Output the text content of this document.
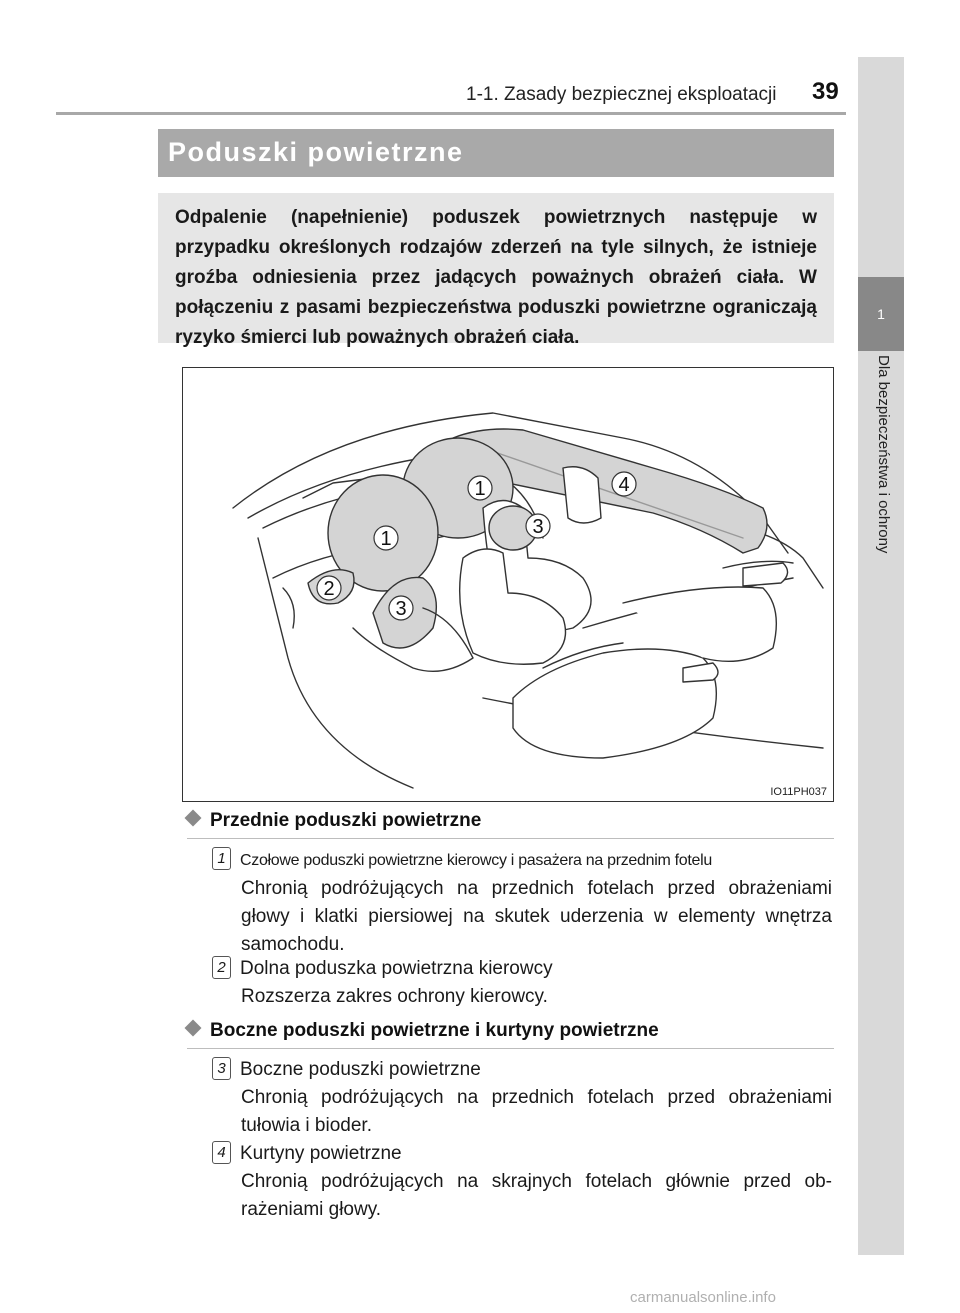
1-1. Zasady bezpiecznej eksploatacji 39
1
Dla bezpieczeństwa i ochrony
Poduszki powietrzne
Odpalenie (napełnienie) poduszek powietrznych następuje w przypadku określonych rodzajów zderzeń na tyle silnych, że istnieje groźba odniesienia przez jadących poważnych obrażeń ciała. W połączeniu z pasami bezpieczeństwa poduszki powietrzne ograniczają ryzyko śmierci lub poważnych obrażeń ciała.
1
1
2
3
3
4
IO11PH037
Przednie poduszki powietrzne
1 Czołowe poduszki powietrzne kierowcy i pasażera na przednim fotelu
Chronią podróżujących na przednich fotelach przed obrażeniami głowy i klatki piersiowej na skutek uderzenia w elementy wnętrza samochodu.
2 Dolna poduszka powietrzna kierowcy
Rozszerza zakres ochrony kierowcy.
Boczne poduszki powietrzne i kurtyny powietrzne
3 Boczne poduszki powietrzne
Chronią podróżujących na przednich fotelach przed obrażeniami tułowia i bioder.
4 Kurtyny powietrzne
Chronią podróżujących na skrajnych fotelach głównie przed ob-rażeniami głowy.
carmanualsonline.info
